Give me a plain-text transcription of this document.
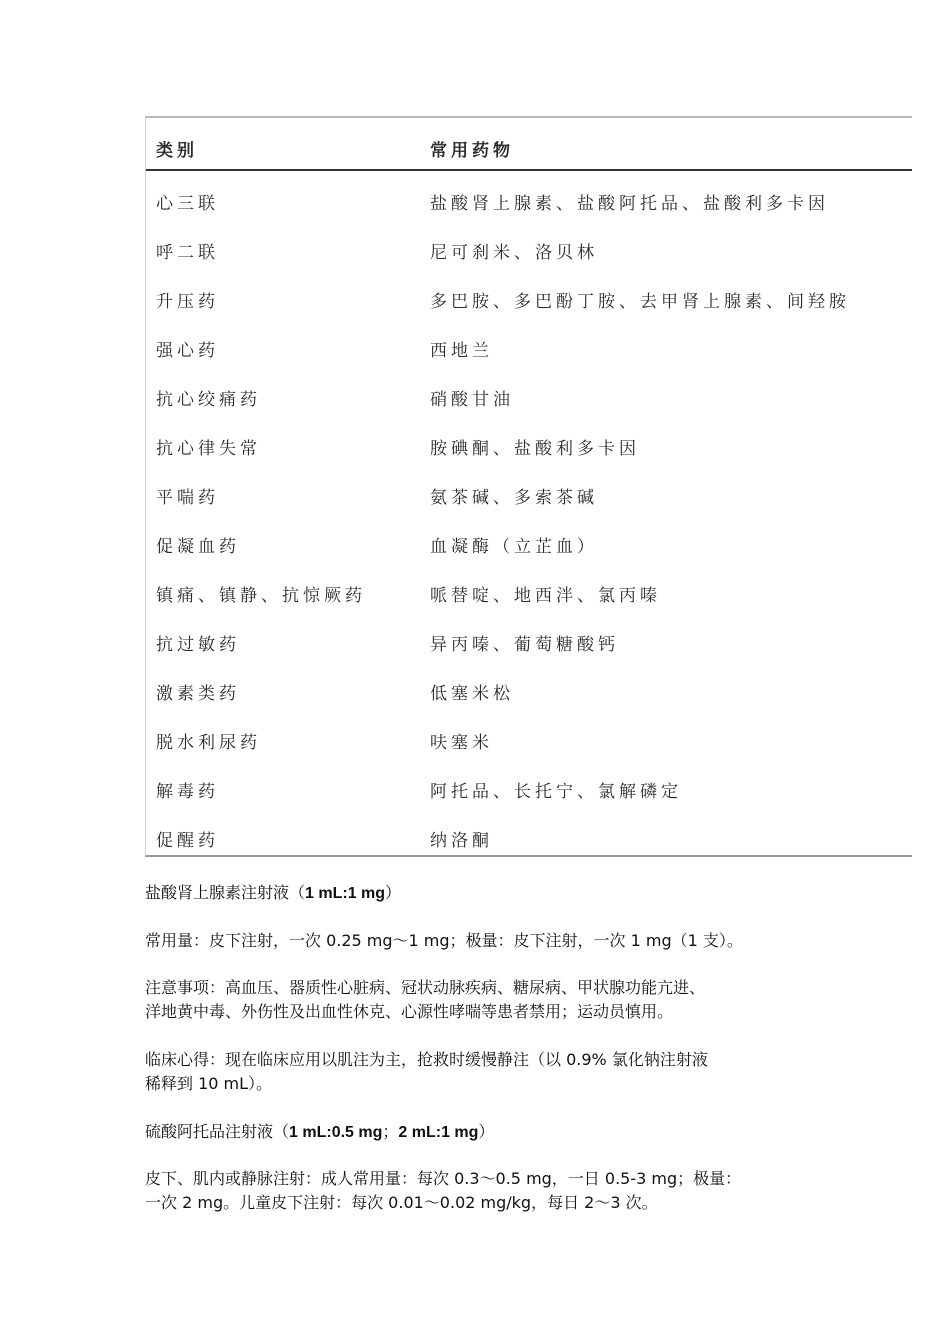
类别	常用药物
心三联	盐酸肾上腺素、盐酸阿托品、盐酸利多卡因
呼二联	尼可刹米、洛贝林
升压药	多巴胺、多巴酚丁胺、去甲肾上腺素、间羟胺
强心药	西地兰
抗心绞痛药	硝酸甘油
抗心律失常	胺碘酮、盐酸利多卡因
平喘药	氨茶碱、多索茶碱
促凝血药	血凝酶（立芷血）
镇痛、镇静、抗惊厥药	哌替啶、地西泮、氯丙嗪
抗过敏药	异丙嗪、葡萄糖酸钙
激素类药	低塞米松
脱水利尿药	呋塞米
解毒药	阿托品、长托宁、氯解磷定
促醒药	纳洛酮
盐酸肾上腺素注射液（1 mL:1 mg）
常用量：皮下注射，一次 0.25 mg～1 mg；极量：皮下注射，一次 1 mg（1 支）。
注意事项：高血压、器质性心脏病、冠状动脉疾病、糖尿病、甲状腺功能亢进、
洋地黄中毒、外伤性及出血性休克、心源性哮喘等患者禁用；运动员慎用。
临床心得：现在临床应用以肌注为主，抢救时缓慢静注（以 0.9% 氯化钠注射液
稀释到 10 mL）。
硫酸阿托品注射液（1 mL:0.5 mg；2 mL:1 mg）
皮下、肌内或静脉注射：成人常用量：每次 0.3～0.5 mg，一日 0.5-3 mg；极量：
一次 2 mg。儿童皮下注射：每次 0.01～0.02 mg/kg，每日 2～3 次。
